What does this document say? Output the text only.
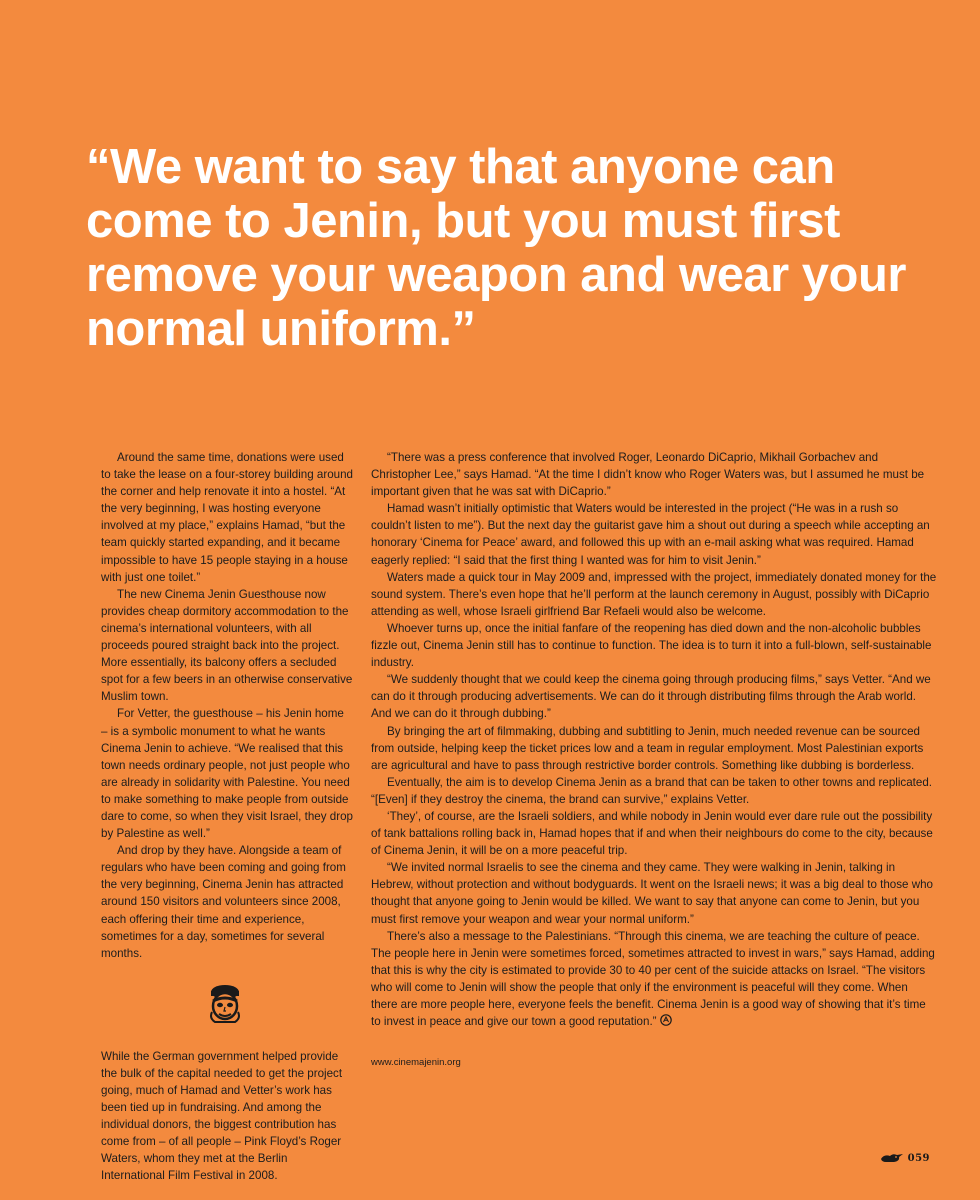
“We want to say that anyone can come to Jenin, but you must first remove your weapon and wear your normal uniform.”

Around the same time, donations were used to take the lease on a four-storey building around the corner and help renovate it into a hostel. “At the very beginning, I was hosting everyone involved at my place,” explains Hamad, “but the team quickly started expanding, and it became impossible to have 15 people staying in a house with just one toilet.”

The new Cinema Jenin Guesthouse now provides cheap dormitory accommodation to the cinema’s international volunteers, with all proceeds poured straight back into the project. More essentially, its balcony offers a secluded spot for a few beers in an otherwise conservative Muslim town.

For Vetter, the guesthouse – his Jenin home – is a symbolic monument to what he wants Cinema Jenin to achieve. “We realised that this town needs ordinary people, not just people who are already in solidarity with Palestine. You need to make something to make people from outside dare to come, so when they visit Israel, they drop by Palestine as well.”

And drop by they have. Alongside a team of regulars who have been coming and going from the very beginning, Cinema Jenin has attracted around 150 visitors and volunteers since 2008, each offering their time and experience, sometimes for a day, sometimes for several months.

While the German government helped provide the bulk of the capital needed to get the project going, much of Hamad and Vetter’s work has been tied up in fundraising. And among the individual donors, the biggest contribution has come from – of all people – Pink Floyd’s Roger Waters, whom they met at the Berlin International Film Festival in 2008.

“There was a press conference that involved Roger, Leonardo DiCaprio, Mikhail Gorbachev and Christopher Lee,” says Hamad. “At the time I didn’t know who Roger Waters was, but I assumed he must be important given that he was sat with DiCaprio.”

Hamad wasn’t initially optimistic that Waters would be interested in the project (“He was in a rush so couldn’t listen to me”). But the next day the guitarist gave him a shout out during a speech while accepting an honorary ‘Cinema for Peace’ award, and followed this up with an e-mail asking what was required. Hamad eagerly replied: “I said that the first thing I wanted was for him to visit Jenin.”

Waters made a quick tour in May 2009 and, impressed with the project, immediately donated money for the sound system. There’s even hope that he’ll perform at the launch ceremony in August, possibly with DiCaprio attending as well, whose Israeli girlfriend Bar Refaeli would also be welcome.

Whoever turns up, once the initial fanfare of the reopening has died down and the non-alcoholic bubbles fizzle out, Cinema Jenin still has to continue to function. The idea is to turn it into a full-blown, self-sustainable industry.

“We suddenly thought that we could keep the cinema going through producing films,” says Vetter. “And we can do it through producing advertisements. We can do it through distributing films through the Arab world. And we can do it through dubbing.”

By bringing the art of filmmaking, dubbing and subtitling to Jenin, much needed revenue can be sourced from outside, helping keep the ticket prices low and a team in regular employment. Most Palestinian exports are agricultural and have to pass through restrictive border controls. Something like dubbing is borderless.

Eventually, the aim is to develop Cinema Jenin as a brand that can be taken to other towns and replicated. “[Even] if they destroy the cinema, the brand can survive,” explains Vetter.

‘They’, of course, are the Israeli soldiers, and while nobody in Jenin would ever dare rule out the possibility of tank battalions rolling back in, Hamad hopes that if and when their neighbours do come to the city, because of Cinema Jenin, it will be on a more peaceful trip.

“We invited normal Israelis to see the cinema and they came. They were walking in Jenin, talking in Hebrew, without protection and without bodyguards. It went on the Israeli news; it was a big deal to those who thought that anyone going to Jenin would be killed. We want to say that anyone can come to Jenin, but you must first remove your weapon and wear your normal uniform.”

There’s also a message to the Palestinians. “Through this cinema, we are teaching the culture of peace. The people here in Jenin were sometimes forced, sometimes attracted to invest in wars,” says Hamad, adding that this is why the city is estimated to provide 30 to 40 per cent of the suicide attacks on Israel. “The visitors who will come to Jenin will show the people that only if the environment is peaceful will they come. When there are more people here, everyone feels the benefit. Cinema Jenin is a good way of showing that it’s time to invest in peace and give our town a good reputation.”

www.cinemajenin.org

059
